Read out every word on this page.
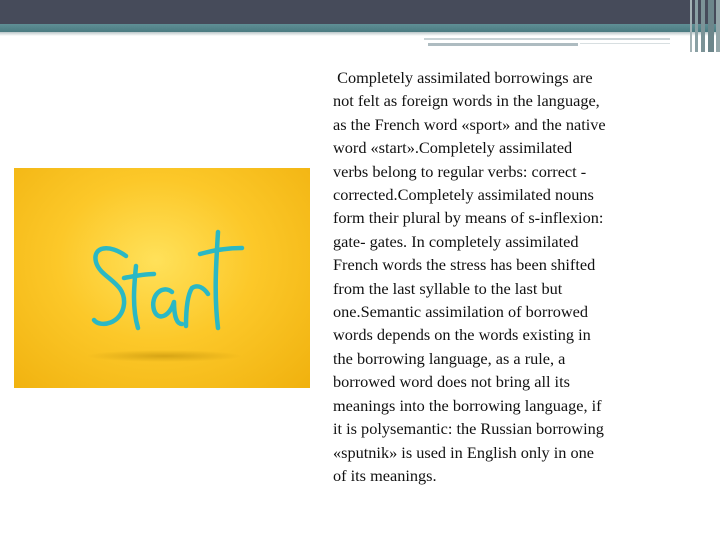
Completely assimilated borrowings are
not felt as foreign words in the language,
as the French word «sport» and the native
word «start».Completely assimilated
verbs belong to regular verbs: correct -
corrected.Completely assimilated nouns
form their plural by means of s-inflexion:
gate- gates. In completely assimilated
French words the stress has been shifted
from the last syllable to the last but
one.Semantic assimilation of borrowed
words depends on the words existing in
the borrowing language, as a rule, a
borrowed word does not bring all its
meanings into the borrowing language, if
it is polysemantic: the Russian borrowing
«sputnik» is used in English only in one
of its meanings.
